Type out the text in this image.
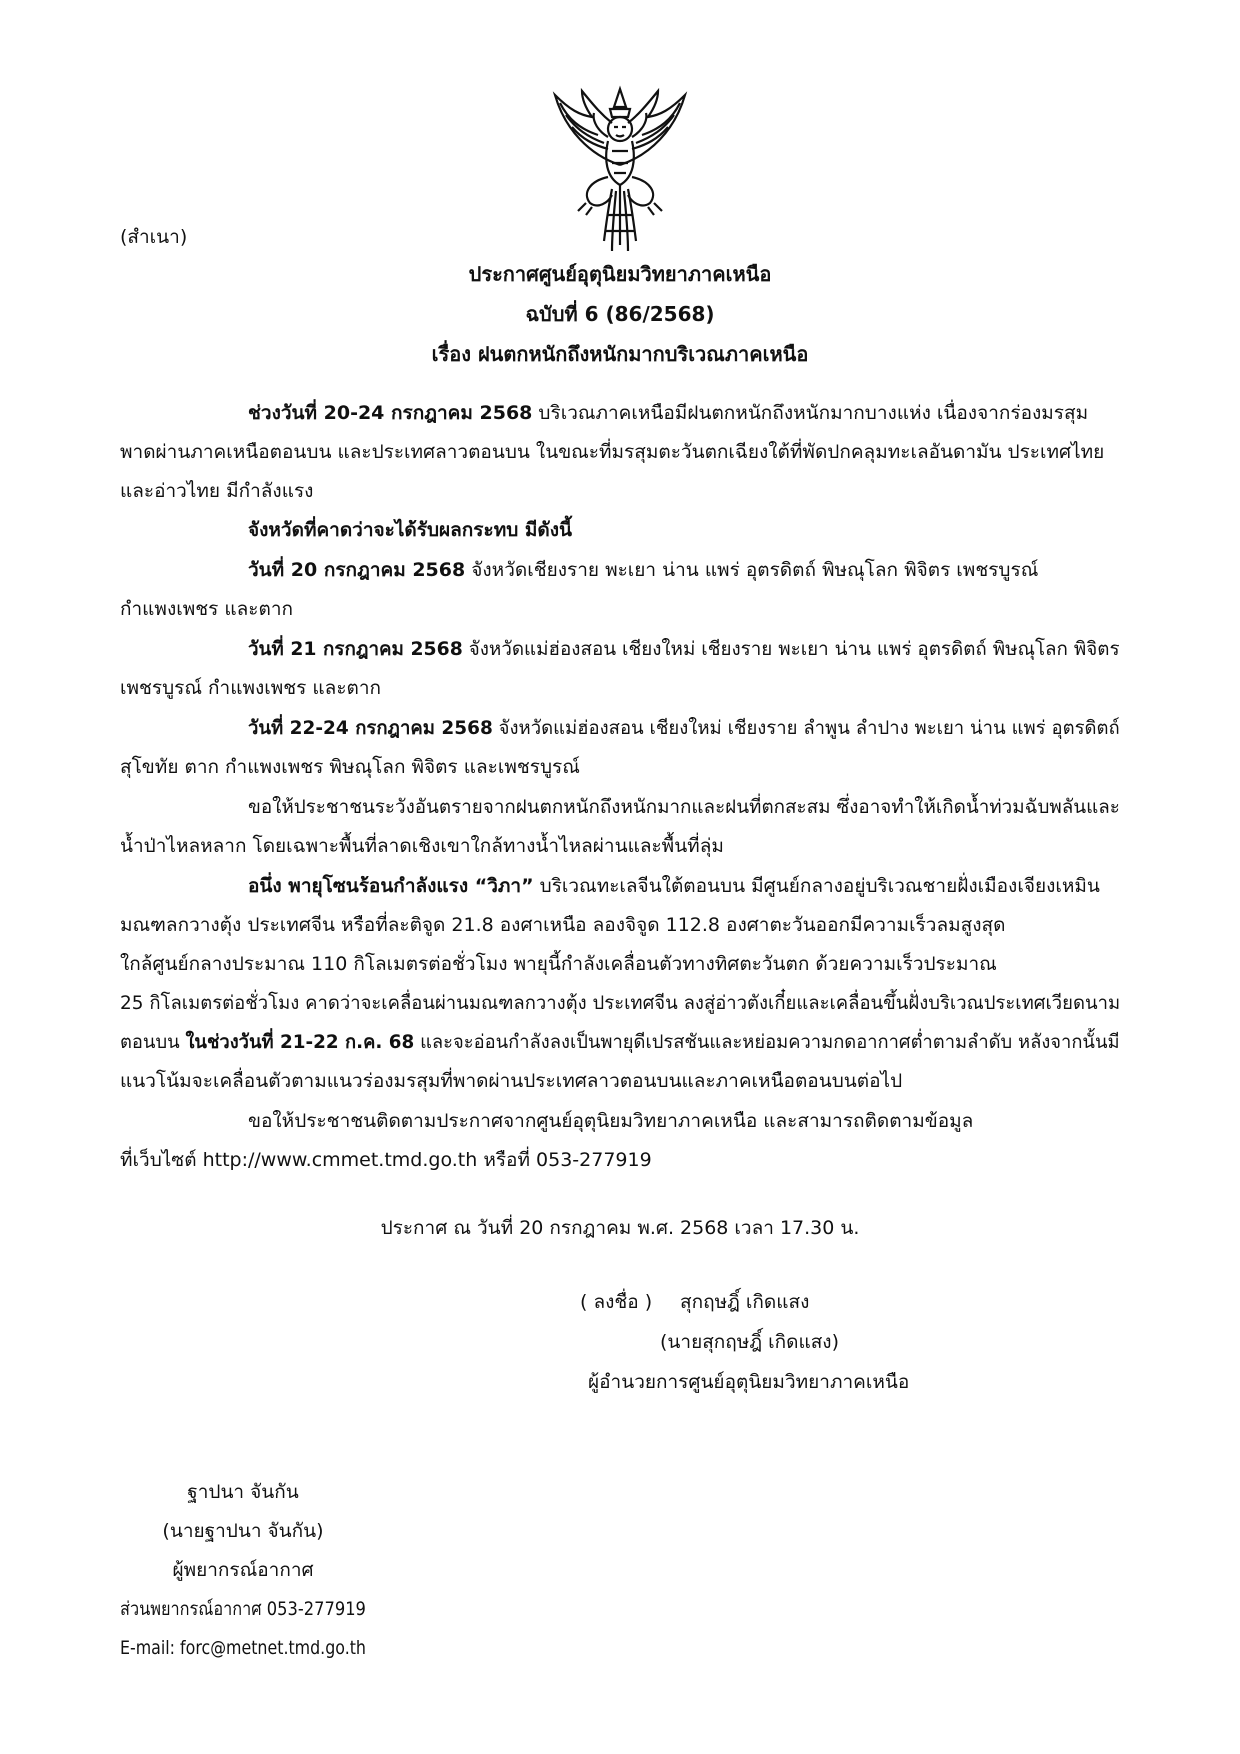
(สำเนา)
ประกาศศูนย์อุตุนิยมวิทยาภาคเหนือ
ฉบับที่ 6 (86/2568)
เรื่อง ฝนตกหนักถึงหนักมากบริเวณภาคเหนือ
ช่วงวันที่ 20-24 กรกฎาคม 2568 บริเวณภาคเหนือมีฝนตกหนักถึงหนักมากบางแห่ง เนื่องจากร่องมรสุม
พาดผ่านภาคเหนือตอนบน และประเทศลาวตอนบน ในขณะที่มรสุมตะวันตกเฉียงใต้ที่พัดปกคลุมทะเลอันดามัน ประเทศไทย
และอ่าวไทย มีกำลังแรง
จังหวัดที่คาดว่าจะได้รับผลกระทบ มีดังนี้
วันที่ 20 กรกฎาคม 2568 จังหวัดเชียงราย พะเยา น่าน แพร่ อุตรดิตถ์ พิษณุโลก พิจิตร เพชรบูรณ์
กำแพงเพชร และตาก
วันที่ 21 กรกฎาคม 2568 จังหวัดแม่ฮ่องสอน เชียงใหม่ เชียงราย พะเยา น่าน แพร่ อุตรดิตถ์ พิษณุโลก พิจิตร
เพชรบูรณ์ กำแพงเพชร และตาก
วันที่ 22-24 กรกฎาคม 2568 จังหวัดแม่ฮ่องสอน เชียงใหม่ เชียงราย ลำพูน ลำปาง พะเยา น่าน แพร่ อุตรดิตถ์
สุโขทัย ตาก กำแพงเพชร พิษณุโลก พิจิตร และเพชรบูรณ์
ขอให้ประชาชนระวังอันตรายจากฝนตกหนักถึงหนักมากและฝนที่ตกสะสม ซึ่งอาจทำให้เกิดน้ำท่วมฉับพลันและ
น้ำป่าไหลหลาก โดยเฉพาะพื้นที่ลาดเชิงเขาใกล้ทางน้ำไหลผ่านและพื้นที่ลุ่ม
อนึ่ง พายุโซนร้อนกำลังแรง “วิภา” บริเวณทะเลจีนใต้ตอนบน มีศูนย์กลางอยู่บริเวณชายฝั่งเมืองเจียงเหมิน
มณฑลกวางตุ้ง ประเทศจีน หรือที่ละติจูด 21.8 องศาเหนือ ลองจิจูด 112.8 องศาตะวันออกมีความเร็วลมสูงสุด
ใกล้ศูนย์กลางประมาณ 110 กิโลเมตรต่อชั่วโมง พายุนี้กำลังเคลื่อนตัวทางทิศตะวันตก ด้วยความเร็วประมาณ
25 กิโลเมตรต่อชั่วโมง คาดว่าจะเคลื่อนผ่านมณฑลกวางตุ้ง ประเทศจีน ลงสู่อ่าวตังเกี๋ยและเคลื่อนขึ้นฝั่งบริเวณประเทศเวียดนาม
ตอนบน ในช่วงวันที่ 21-22 ก.ค. 68 และจะอ่อนกำลังลงเป็นพายุดีเปรสชันและหย่อมความกดอากาศต่ำตามลำดับ หลังจากนั้นมี
แนวโน้มจะเคลื่อนตัวตามแนวร่องมรสุมที่พาดผ่านประเทศลาวตอนบนและภาคเหนือตอนบนต่อไป
ขอให้ประชาชนติดตามประกาศจากศูนย์อุตุนิยมวิทยาภาคเหนือ และสามารถติดตามข้อมูล
ที่เว็บไซต์ http://www.cmmet.tmd.go.th หรือที่ 053-277919
ประกาศ ณ วันที่ 20 กรกฎาคม พ.ศ. 2568 เวลา 17.30 น.
( ลงชื่อ ) สุกฤษฎิ์ เกิดแสง
(นายสุกฤษฎิ์ เกิดแสง)
ผู้อำนวยการศูนย์อุตุนิยมวิทยาภาคเหนือ
ฐาปนา จันกัน
(นายฐาปนา จันกัน)
ผู้พยากรณ์อากาศ
ส่วนพยากรณ์อากาศ 053-277919
E-mail: forc@metnet.tmd.go.th
